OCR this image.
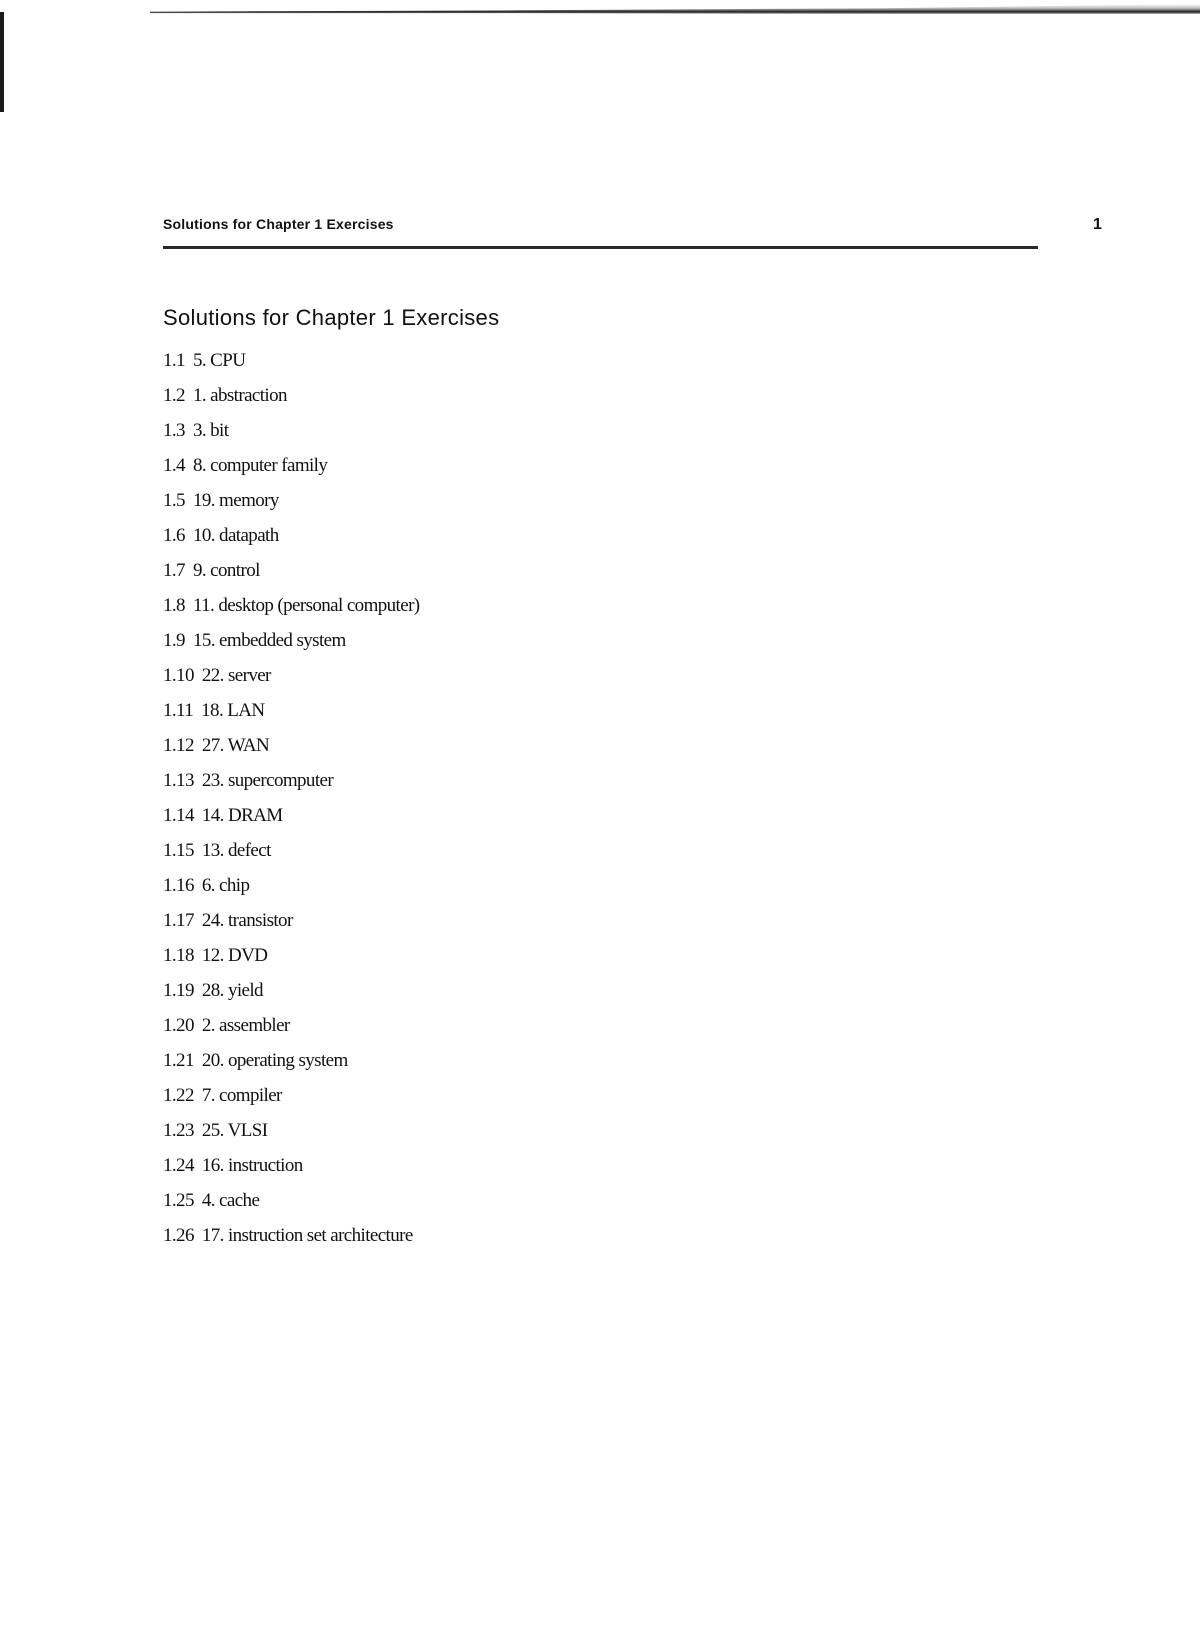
Solutions for Chapter 1 Exercises	1
Solutions for Chapter 1 Exercises
1.1 5. CPU
1.2 1. abstraction
1.3 3. bit
1.4 8. computer family
1.5 19. memory
1.6 10. datapath
1.7 9. control
1.8 11. desktop (personal computer)
1.9 15. embedded system
1.10 22. server
1.11 18. LAN
1.12 27. WAN
1.13 23. supercomputer
1.14 14. DRAM
1.15 13. defect
1.16 6. chip
1.17 24. transistor
1.18 12. DVD
1.19 28. yield
1.20 2. assembler
1.21 20. operating system
1.22 7. compiler
1.23 25. VLSI
1.24 16. instruction
1.25 4. cache
1.26 17. instruction set architecture
